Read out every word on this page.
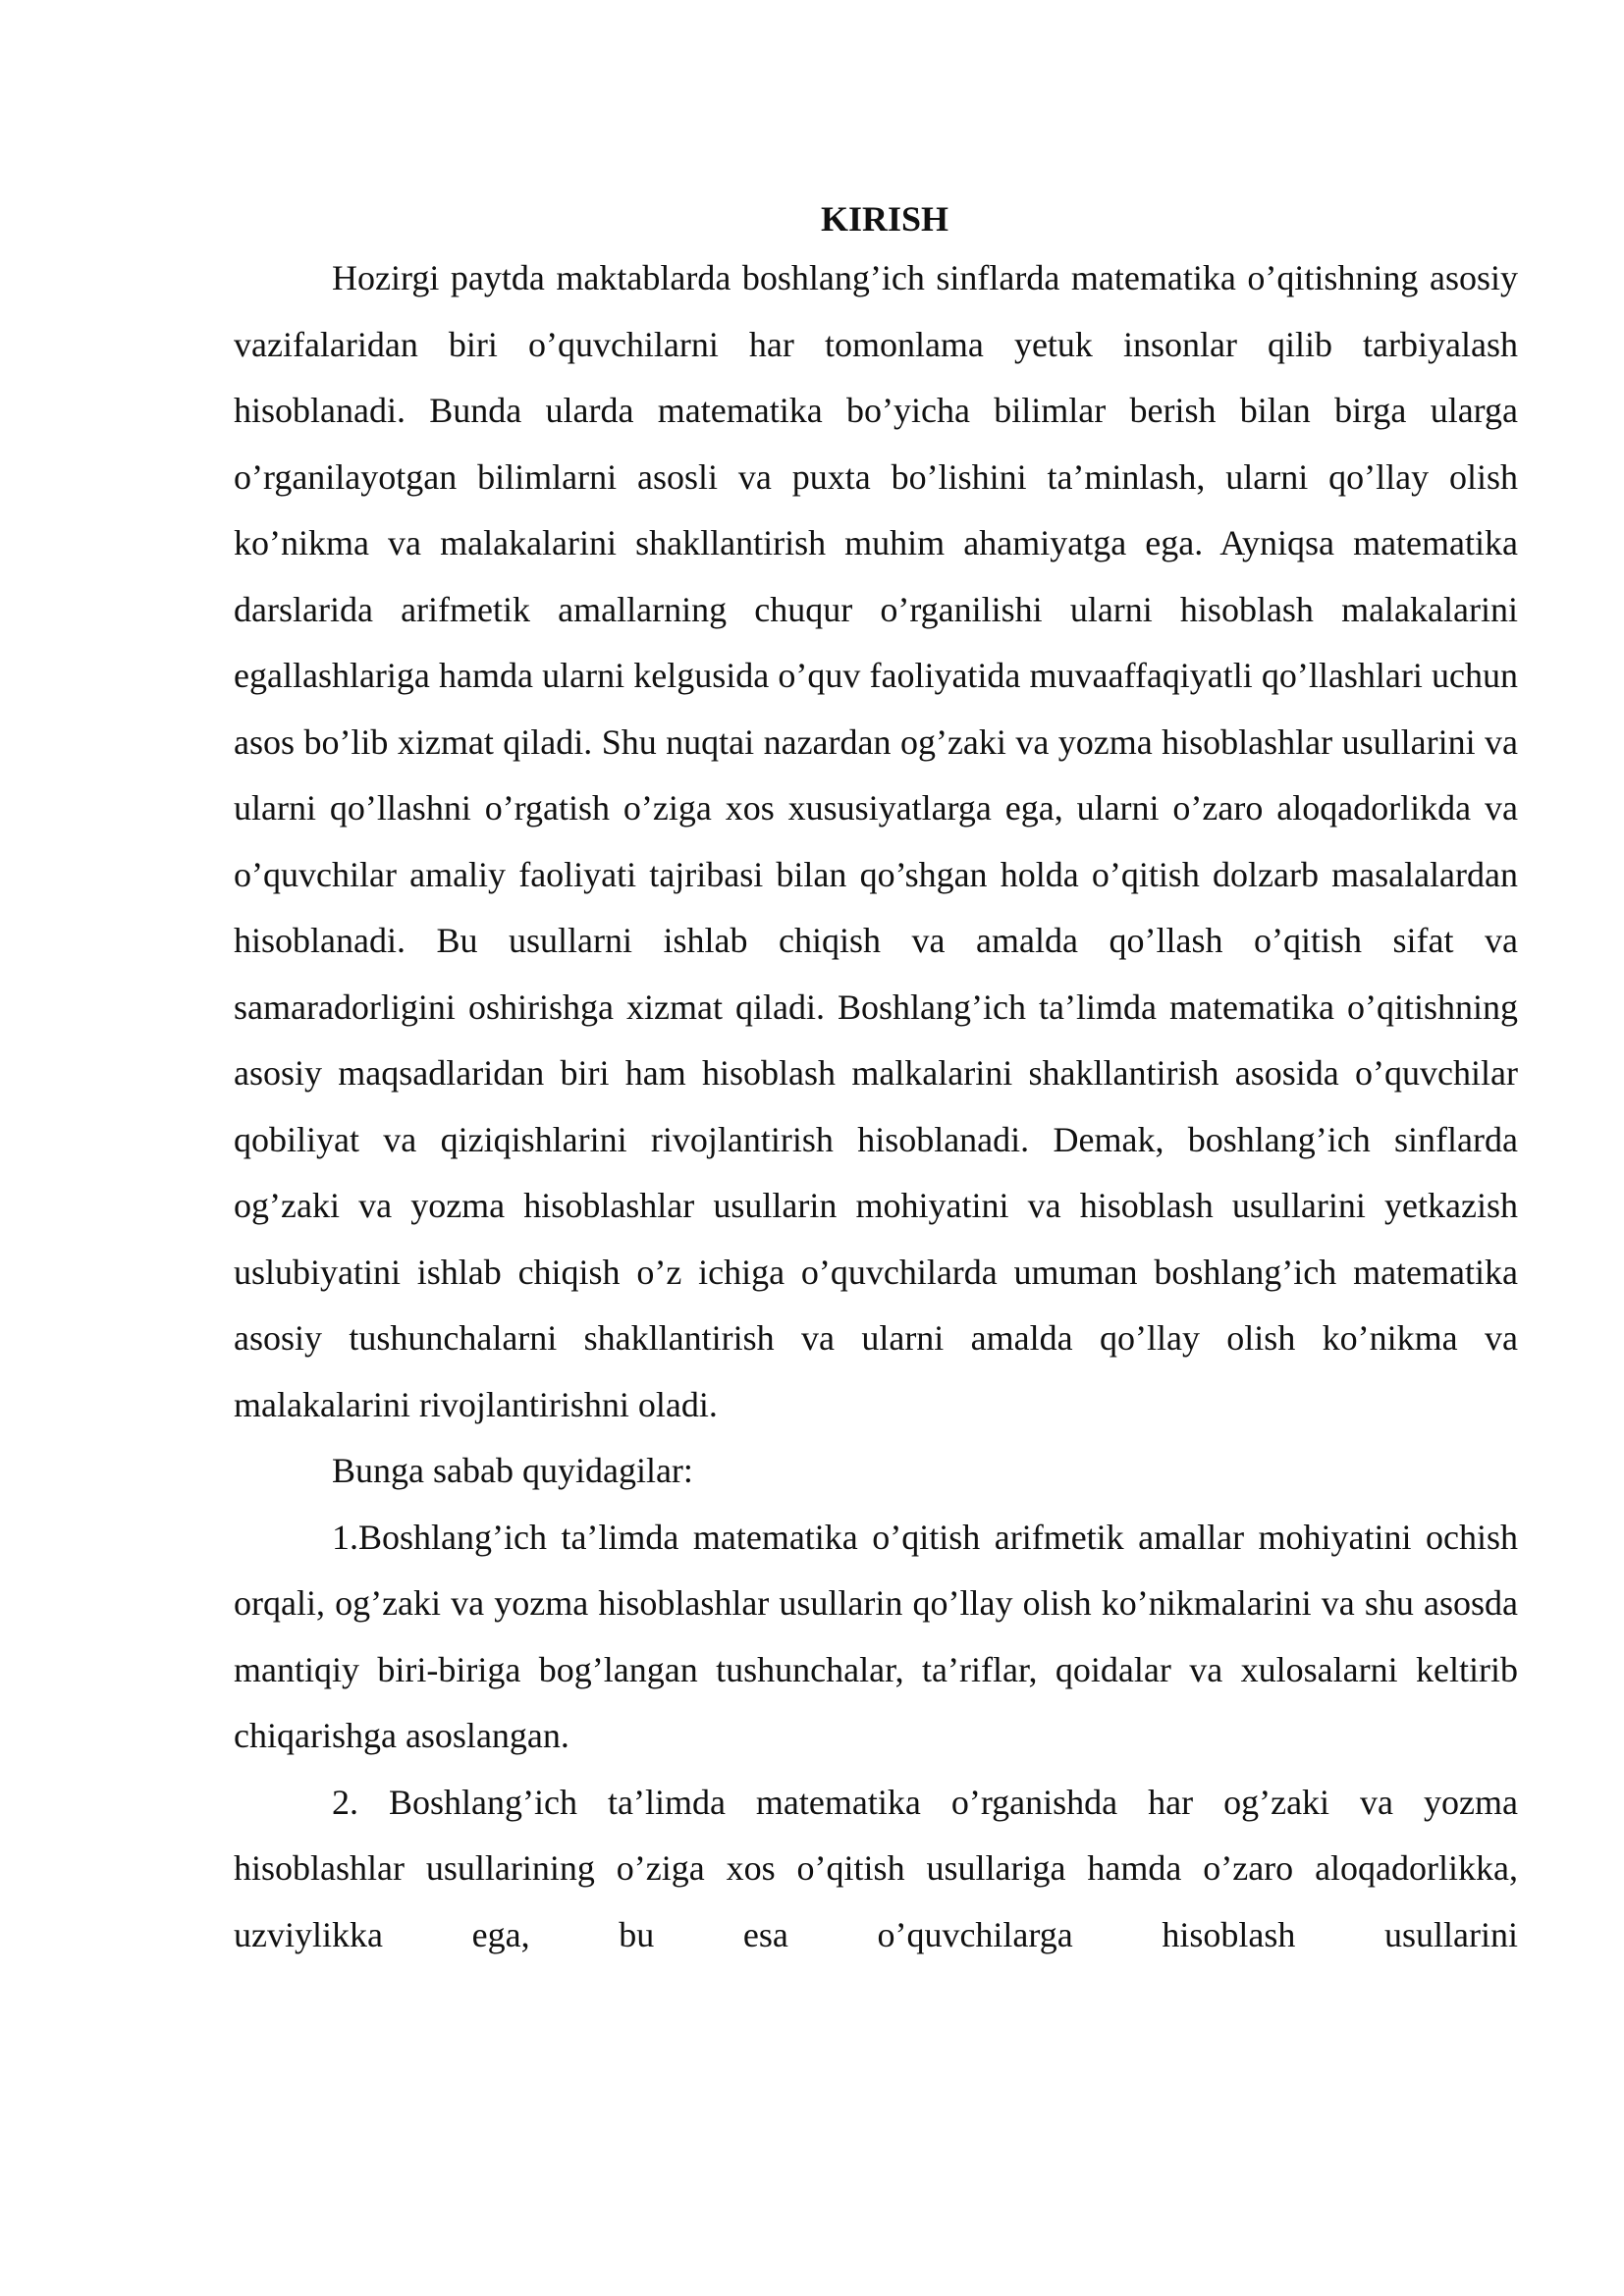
KIRISH

Hozirgi paytda maktablarda boshlang’ich sinflarda matematika o’qitishning asosiy vazifalaridan biri o’quvchilarni har tomonlama yetuk insonlar qilib tarbiyalash hisoblanadi. Bunda ularda matematika bo’yicha bilimlar berish bilan birga ularga o’rganilayotgan bilimlarni asosli va puxta bo’lishini ta’minlash, ularni qo’llay olish ko’nikma va malakalarini shakllantirish muhim ahamiyatga ega. Ayniqsa matematika darslarida arifmetik amallarning chuqur o’rganilishi ularni hisoblash malakalarini egallashlariga hamda ularni kelgusida o’quv faoliyatida muvaaffaqiyatli qo’llashlari uchun asos bo’lib xizmat qiladi. Shu nuqtai nazardan og’zaki va yozma hisoblashlar usullarini va ularni qo’llashni o’rgatish o’ziga xos xususiyatlarga ega, ularni o’zaro aloqadorlikda va o’quvchilar amaliy faoliyati tajribasi bilan qo’shgan holda o’qitish dolzarb masalalardan hisoblanadi. Bu usullarni ishlab chiqish va amalda qo’llash o’qitish sifat va samaradorligini oshirishga xizmat qiladi. Boshlang’ich ta’limda matematika o’qitishning asosiy maqsadlaridan biri ham hisoblash malkalarini shakllantirish asosida o’quvchilar qobiliyat va qiziqishlarini rivojlantirish hisoblanadi. Demak, boshlang’ich sinflarda og’zaki va yozma hisoblashlar usullarin mohiyatini va hisoblash usullarini yetkazish uslubiyatini ishlab chiqish o’z ichiga o’quvchilarda umuman boshlang’ich matematika asosiy tushunchalarni shakllantirish va ularni amalda qo’llay olish ko’nikma va malakalarini rivojlantirishni oladi.

Bunga sabab quyidagilar:

1.Boshlang’ich ta’limda matematika o’qitish arifmetik amallar mohiyatini ochish orqali, og’zaki va yozma hisoblashlar usullarin qo’llay olish ko’nikmalarini va shu asosda mantiqiy biri-biriga bog’langan tushunchalar, ta’riflar, qoidalar va xulosalarni keltirib chiqarishga asoslangan.

2. Boshlang’ich ta’limda matematika o’rganishda har og’zaki va yozma hisoblashlar usullarining o’ziga xos o’qitish usullariga hamda o’zaro aloqadorlikka, uzviylikka ega, bu esa o’quvchilarga hisoblash usullarini
